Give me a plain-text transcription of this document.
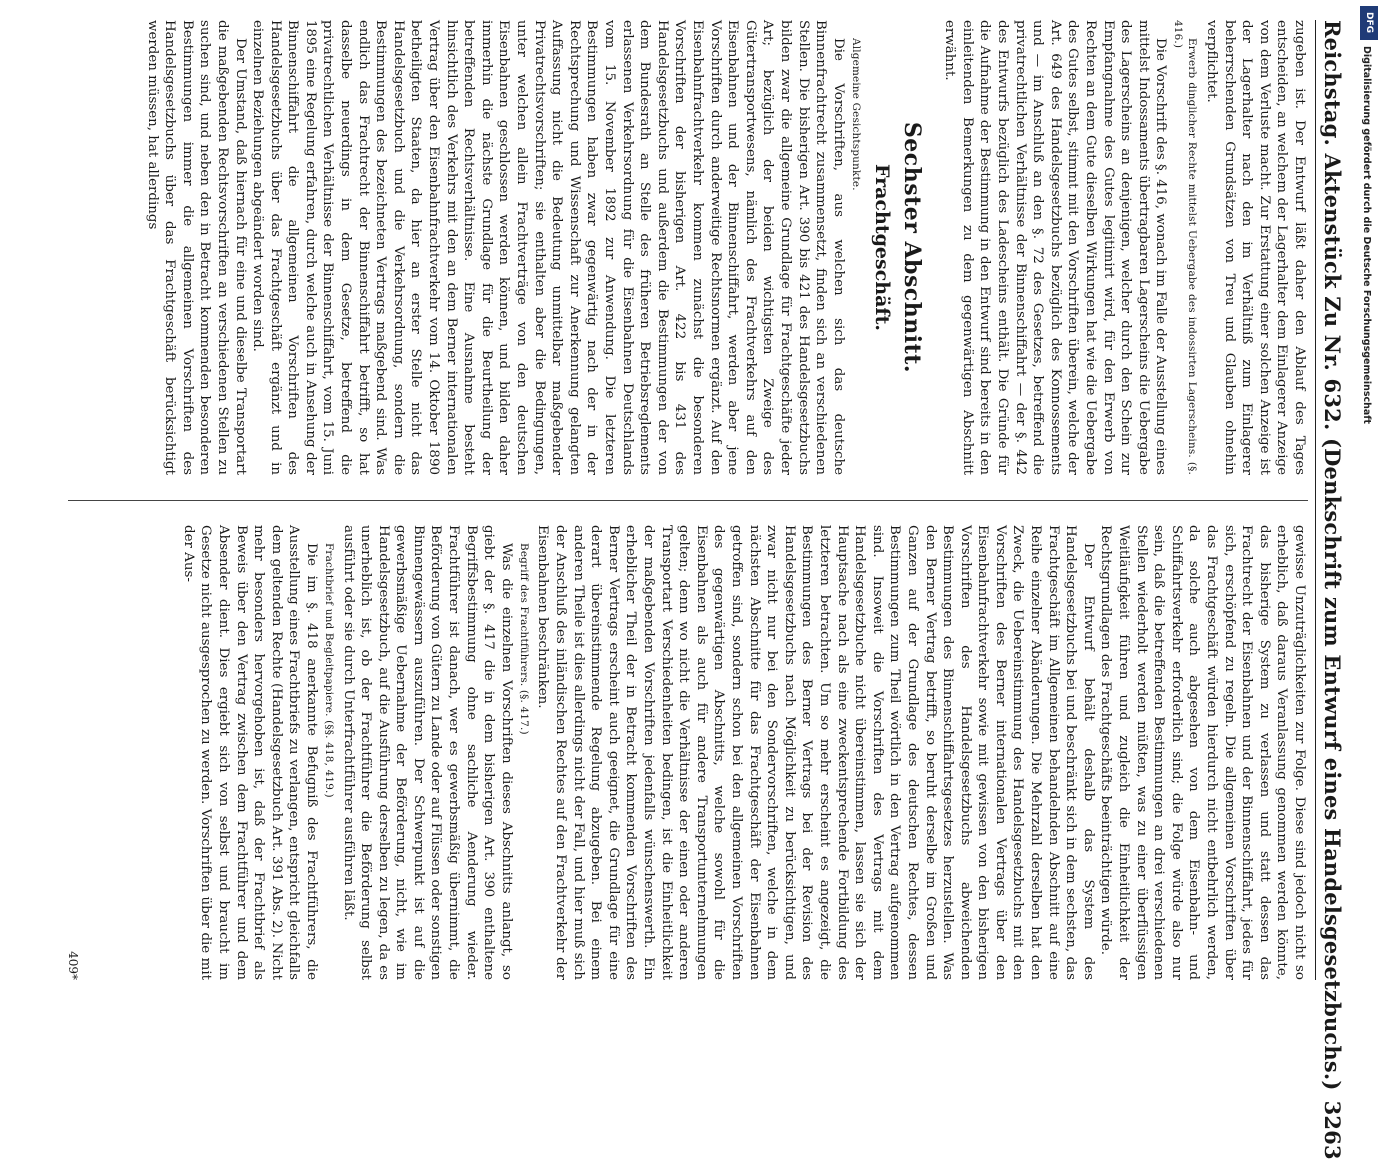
DFG
Digitalisierung gefördert durch die Deutsche Forschungsgemeinschaft
Reichstag. Aktenstück Zu Nr. 632. (Denkschrift zum Entwurf eines Handelsgesetzbuchs.)
3263

zugeben ist. Der Entwurf läßt daher den Ablauf des Tages entscheiden, an welchem der Lagerhalter dem Einlagerer Anzeige von dem Verluste macht. Zur Erstattung einer solchen Anzeige ist der Lagerhalter nach den im Verhältniß zum Einlagerer beherrschenden Grundsätzen von Treu und Glauben ohnehin verpflichtet.

Erwerb dinglicher Rechte mittelst Uebergabe des indossirten Lagerscheins. (§. 416.)

Die Vorschrift des §. 416, wonach im Falle der Ausstellung eines mittelst Indossaments übertragbaren Lagerscheins die Uebergabe des Lagerscheins an denjenigen, welcher durch den Schein zur Empfangnahme des Gutes legitimirt wird, für den Erwerb von Rechten an dem Gute dieselben Wirkungen hat wie die Uebergabe des Gutes selbst, stimmt mit den Vorschriften überein, welche der Art. 649 des Handelsgesetzbuchs bezüglich des Konnossements und — im Anschluß an den §. 72 des Gesetzes, betreffend die privatrechtlichen Verhältnisse der Binnenschiffahrt — der §. 442 des Entwurfs bezüglich des Ladescheins enthält. Die Gründe für die Aufnahme der Bestimmung in den Entwurf sind bereits in den einleitenden Bemerkungen zu dem gegenwärtigen Abschnitt erwähnt.

Sechster Abschnitt.
Frachtgeschäft.
Allgemeine Gesichtspunkte.

Die Vorschriften, aus welchen sich das deutsche Binnenfrachtrecht zusammensetzt, finden sich an verschiedenen Stellen. Die bisherigen Art. 390 bis 421 des Handelsgesetzbuchs bilden zwar die allgemeine Grundlage für Frachtgeschäfte jeder Art; bezüglich der beiden wichtigsten Zweige des Gütertransportwesens, nämlich des Frachtverkehrs auf den Eisenbahnen und der Binnenschiffahrt, werden aber jene Vorschriften durch anderweitige Rechtsnormen ergänzt. Auf den Eisenbahnfrachtverkehr kommen zunächst die besonderen Vorschriften der bisherigen Art. 422 bis 431 des Handelsgesetzbuchs und außerdem die Bestimmungen der von dem Bundesrath an Stelle des früheren Betriebsreglements erlassenen Verkehrsordnung für die Eisenbahnen Deutschlands vom 15. November 1892 zur Anwendung. Die letzteren Bestimmungen haben zwar gegenwärtig nach der in der Rechtsprechung und Wissenschaft zur Anerkennung gelangten Auffassung nicht die Bedeutung unmittelbar maßgebender Privatrechtsvorschriften; sie enthalten aber die Bedingungen, unter welchen allein Frachtverträge von den deutschen Eisenbahnen geschlossen werden können, und bilden daher immerhin die nächste Grundlage für die Beurtheilung der betreffenden Rechtsverhältnisse. Eine Ausnahme besteht hinsichtlich des Verkehrs mit den an dem Berner internationalen Vertrag über den Eisenbahnfrachtverkehr vom 14. Oktober 1890 betheiligten Staaten, da hier an erster Stelle nicht das Handelsgesetzbuch und die Verkehrsordnung, sondern die Bestimmungen des bezeichneten Vertrags maßgebend sind. Was endlich das Frachtrecht der Binnenschiffahrt betrifft, so hat dasselbe neuerdings in dem Gesetze, betreffend die privatrechtlichen Verhältnisse der Binnenschiffahrt, vom 15. Juni 1895 eine Regelung erfahren, durch welche auch in Ansehung der Binnenschiffahrt die allgemeinen Vorschriften des Handelsgesetzbuchs über das Frachtgeschäft ergänzt und in einzelnen Beziehungen abgeändert worden sind.

Der Umstand, daß hiernach für eine und dieselbe Transportart die maßgebenden Rechtsvorschriften an verschiedenen Stellen zu suchen sind, und neben den in Betracht kommenden besonderen Bestimmungen immer die allgemeinen Vorschriften des Handelsgesetzbuchs über das Frachtgeschäft berücksichtigt werden müssen, hat allerdings

gewisse Unzuträglichkeiten zur Folge. Diese sind jedoch nicht so erheblich, daß daraus Veranlassung genommen werden könnte, das bisherige System zu verlassen und statt dessen das Frachtrecht der Eisenbahnen und der Binnenschiffahrt, jedes für sich, erschöpfend zu regeln. Die allgemeinen Vorschriften über das Frachtgeschäft würden hierdurch nicht entbehrlich werden, da solche auch abgesehen von dem Eisenbahn- und Schiffahrtsverkehr erforderlich sind; die Folge würde also nur sein, daß die betreffenden Bestimmungen an drei verschiedenen Stellen wiederholt werden müßten, was zu einer überflüssigen Weitläufigkeit führen und zugleich die Einheitlichkeit der Rechtsgrundlagen des Frachtgeschäfts beeinträchtigen würde.

Der Entwurf behält deshalb das System des Handelsgesetzbuchs bei und beschränkt sich in dem sechsten, das Frachtgeschäft im Allgemeinen behandelnden Abschnitt auf eine Reihe einzelner Abänderungen. Die Mehrzahl derselben hat den Zweck, die Uebereinstimmung des Handelsgesetzbuchs mit den Vorschriften des Berner internationalen Vertrags über den Eisenbahnfrachtverkehr sowie mit gewissen von den bisherigen Vorschriften des Handelsgesetzbuchs abweichenden Bestimmungen des Binnenschiffahrtsgesetzes herzustellen. Was den Berner Vertrag betrifft, so beruht derselbe im Großen und Ganzen auf der Grundlage des deutschen Rechtes, dessen Bestimmungen zum Theil wörtlich in den Vertrag aufgenommen sind. Insoweit die Vorschriften des Vertrags mit dem Handelsgesetzbuche nicht übereinstimmen, lassen sie sich der Hauptsache nach als eine zweckentsprechende Fortbildung des letzteren betrachten. Um so mehr erscheint es angezeigt, die Bestimmungen des Berner Vertrags bei der Revision des Handelsgesetzbuchs nach Möglichkeit zu berücksichtigen, und zwar nicht nur bei den Sondervorschriften, welche in dem nächsten Abschnitte für das Frachtgeschäft der Eisenbahnen getroffen sind, sondern schon bei den allgemeinen Vorschriften des gegenwärtigen Abschnitts, welche sowohl für die Eisenbahnen als auch für andere Transportunternehmungen gelten; denn wo nicht die Verhältnisse der einen oder anderen Transportart Verschiedenheiten bedingen, ist die Einheitlichkeit der maßgebenden Vorschriften jedenfalls wünschenswerth. Ein erheblicher Theil der in Betracht kommenden Vorschriften des Berner Vertrags erscheint auch geeignet, die Grundlage für eine derart übereinstimmende Regelung abzugeben. Bei einem anderen Theile ist dies allerdings nicht der Fall, und hier muß sich der Anschluß des inländischen Rechtes auf den Frachtverkehr der Eisenbahnen beschränken.

Begriff des Frachtführers. (§. 417.)

Was die einzelnen Vorschriften dieses Abschnitts anlangt, so giebt der §. 417 die in dem bisherigen Art. 390 enthaltene Begriffsbestimmung ohne sachliche Aenderung wieder. Frachtführer ist danach, wer es gewerbsmäßig übernimmt, die Beförderung von Gütern zu Lande oder auf Flüssen oder sonstigen Binnengewässern auszuführen. Der Schwerpunkt ist auf die gewerbsmäßige Uebernahme der Beförderung, nicht, wie im Handelsgesetzbuch, auf die Ausführung derselben zu legen, da es unerheblich ist, ob der Frachtführer die Beförderung selbst ausführt oder sie durch Unterfrachtführer ausführen läßt.

Frachtbrief und Begleitpapiere. (§§. 418, 419.)

Die im §. 418 anerkannte Befugniß des Frachtführers, die Ausstellung eines Frachtbriefs zu verlangen, entspricht gleichfalls dem geltenden Rechte (Handelsgesetzbuch Art. 391 Abs. 2). Nicht mehr besonders hervorgehoben ist, daß der Frachtbrief als Beweis über den Vertrag zwischen dem Frachtführer und dem Absender dient. Dies ergiebt sich von selbst und braucht im Gesetze nicht ausgesprochen zu werden. Vorschriften über die mit der Aus-

409*
